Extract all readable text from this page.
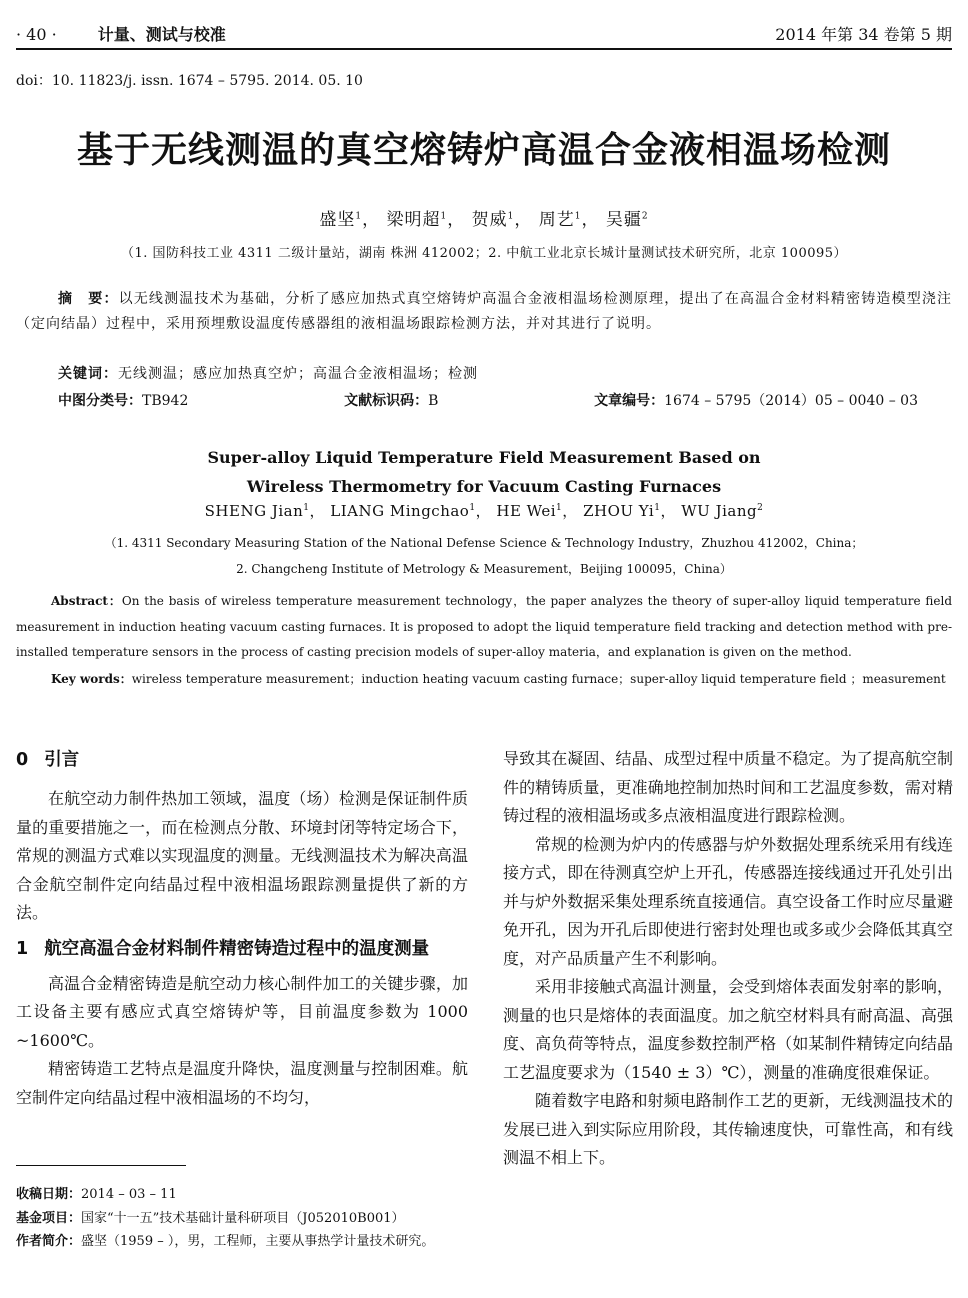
· 40 ·	计量、测试与校准	2014 年第 34 卷第 5 期
doi：10. 11823/j. issn. 1674 – 5795. 2014. 05. 10
基于无线测温的真空熔铸炉高温合金液相温场检测
盛坚$^1$， 梁明超$^1$， 贺威$^1$， 周艺$^1$， 吴疆$^2$
（1. 国防科技工业 4311 二级计量站，湖南 株洲 412002；2. 中航工业北京长城计量测试技术研究所，北京 100095）
摘　要：以无线测温技术为基础，分析了感应加热式真空熔铸炉高温合金液相温场检测原理，提出了在高温合金材料精密铸造模型浇注（定向结晶）过程中，采用预埋敷设温度传感器组的液相温场跟踪检测方法，并对其进行了说明。
关键词：无线测温；感应加热真空炉；高温合金液相温场；检测
中图分类号：TB942	文献标识码：B	文章编号：1674 – 5795（2014）05 – 0040 – 03
Super-alloy Liquid Temperature Field Measurement Based on
Wireless Thermometry for Vacuum Casting Furnaces
SHENG Jian$^1$， LIANG Mingchao$^1$， HE Wei$^1$， ZHOU Yi$^1$， WU Jiang$^2$
（1. 4311 Secondary Measuring Station of the National Defense Science & Technology Industry，Zhuzhou 412002，China；
2. Changcheng Institute of Metrology & Measurement，Beijing 100095，China）
Abstract：On the basis of wireless temperature measurement technology，the paper analyzes the theory of super-alloy liquid temperature field measurement in induction heating vacuum casting furnaces. It is proposed to adopt the liquid temperature field tracking and detection method with pre-installed temperature sensors in the process of casting precision models of super-alloy materia，and explanation is given on the method.
Key words：wireless temperature measurement；induction heating vacuum casting furnace；super-alloy liquid temperature field ；measurement
0 引言

在航空动力制件热加工领域，温度（场）检测是保证制件质量的重要措施之一，而在检测点分散、环境封闭等特定场合下，常规的测温方式难以实现温度的测量。无线测温技术为解决高温合金航空制件定向结晶过程中液相温场跟踪测量提供了新的方法。

1 航空高温合金材料制件精密铸造过程中的温度测量

高温合金精密铸造是航空动力核心制件加工的关键步骤，加工设备主要有感应式真空熔铸炉等，目前温度参数为 1000 ~1600℃。

精密铸造工艺特点是温度升降快，温度测量与控制困难。航空制件定向结晶过程中液相温场的不均匀，

导致其在凝固、结晶、成型过程中质量不稳定。为了提高航空制件的精铸质量，更准确地控制加热时间和工艺温度参数，需对精铸过程的液相温场或多点液相温度进行跟踪检测。

常规的检测为炉内的传感器与炉外数据处理系统采用有线连接方式，即在待测真空炉上开孔，传感器连接线通过开孔处引出并与炉外数据采集处理系统直接通信。真空设备工作时应尽量避免开孔，因为开孔后即使进行密封处理也或多或少会降低其真空度，对产品质量产生不利影响。

采用非接触式高温计测量，会受到熔体表面发射率的影响，测量的也只是熔体的表面温度。加之航空材料具有耐高温、高强度、高负荷等特点，温度参数控制严格（如某制件精铸定向结晶工艺温度要求为（1540 ± 3）℃），测量的准确度很难保证。

随着数字电路和射频电路制作工艺的更新，无线测温技术的发展已进入到实际应用阶段，其传输速度快，可靠性高，和有线测温不相上下。

收稿日期：2014 – 03 – 11
基金项目：国家“十一五”技术基础计量科研项目（J052010B001）
作者简介：盛坚（1959 – ），男，工程师，主要从事热学计量技术研究。
